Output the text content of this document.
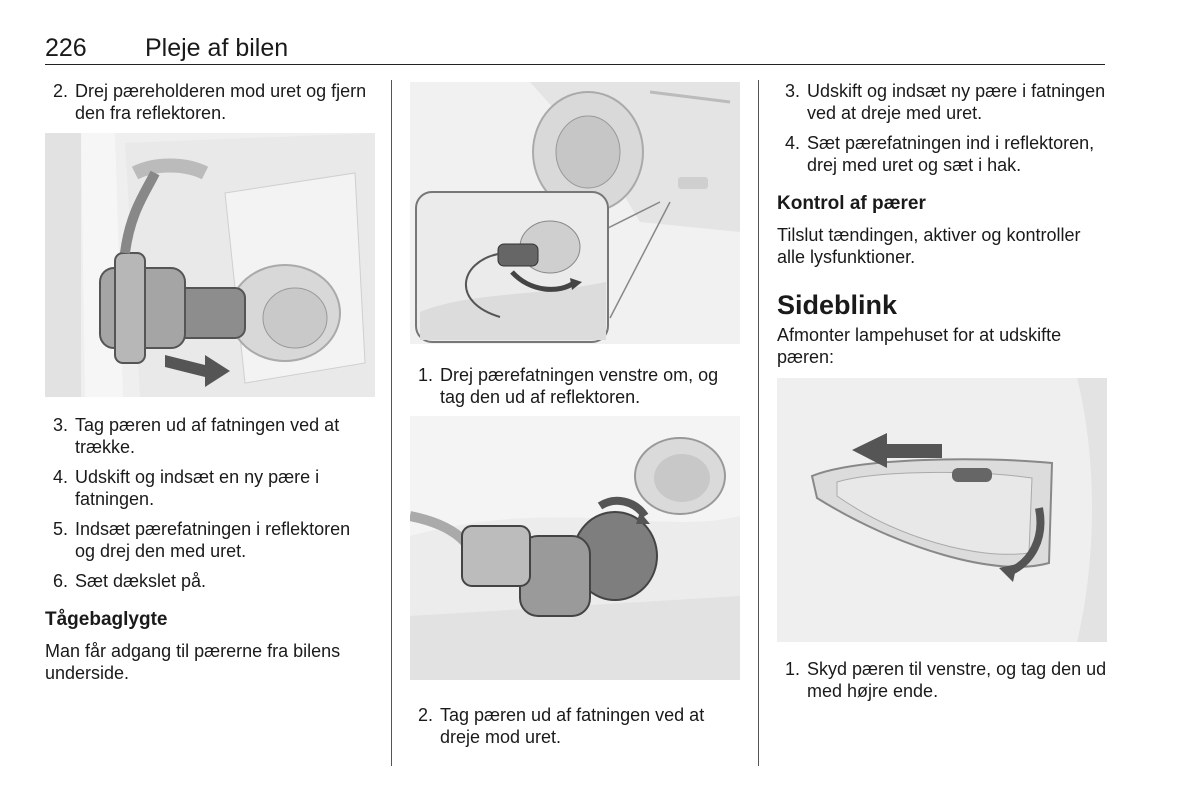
226 Pleje af bilen
2. Drej pæreholderen mod uret og fjern den fra reflektoren.
3. Tag pæren ud af fatningen ved at trække.
4. Udskift og indsæt en ny pære i fatningen.
5. Indsæt pærefatningen i reflektoren og drej den med uret.
6. Sæt dækslet på.
Tågebaglygte

Man får adgang til pærerne fra bilens underside.

1. Drej pærefatningen venstre om, og tag den ud af reflektoren.
2. Tag pæren ud af fatningen ved at dreje mod uret.
3. Udskift og indsæt ny pære i fatningen ved at dreje med uret.
4. Sæt pærefatningen ind i reflektoren, drej med uret og sæt i hak.
Kontrol af pærer

Tilslut tændingen, aktiver og kontroller alle lysfunktioner.

Sideblink

Afmonter lampehuset for at udskifte pæren:

1. Skyd pæren til venstre, og tag den ud med højre ende.
